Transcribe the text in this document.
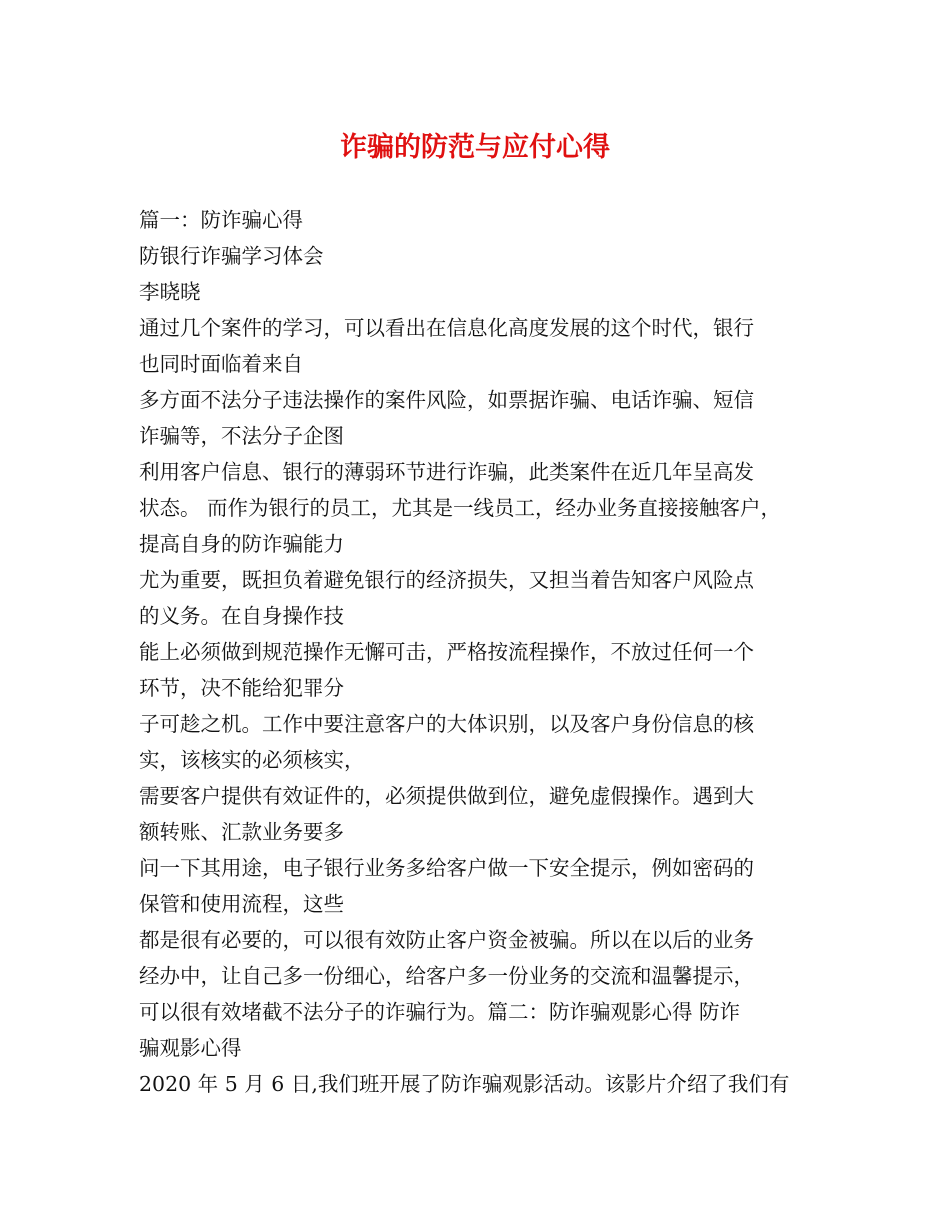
诈骗的防范与应付心得
篇一：防诈骗心得
防银行诈骗学习体会
李晓晓
通过几个案件的学习，可以看出在信息化高度发展的这个时代，银行
也同时面临着来自
多方面不法分子违法操作的案件风险，如票据诈骗、电话诈骗、短信
诈骗等，不法分子企图
利用客户信息、银行的薄弱环节进行诈骗，此类案件在近几年呈高发
状态。 而作为银行的员工，尤其是一线员工，经办业务直接接触客户，
提高自身的防诈骗能力
尤为重要，既担负着避免银行的经济损失，又担当着告知客户风险点
的义务。在自身操作技
能上必须做到规范操作无懈可击，严格按流程操作，不放过任何一个
环节，决不能给犯罪分
子可趁之机。工作中要注意客户的大体识别，以及客户身份信息的核
实，该核实的必须核实，
需要客户提供有效证件的，必须提供做到位，避免虚假操作。遇到大
额转账、汇款业务要多
问一下其用途，电子银行业务多给客户做一下安全提示，例如密码的
保管和使用流程，这些
都是很有必要的，可以很有效防止客户资金被骗。所以在以后的业务
经办中，让自己多一份细心，给客户多一份业务的交流和温馨提示，
可以很有效堵截不法分子的诈骗行为。篇二：防诈骗观影心得 防诈
骗观影心得
2020 年 5 月 6 日,我们班开展了防诈骗观影活动。该影片介绍了我们有
